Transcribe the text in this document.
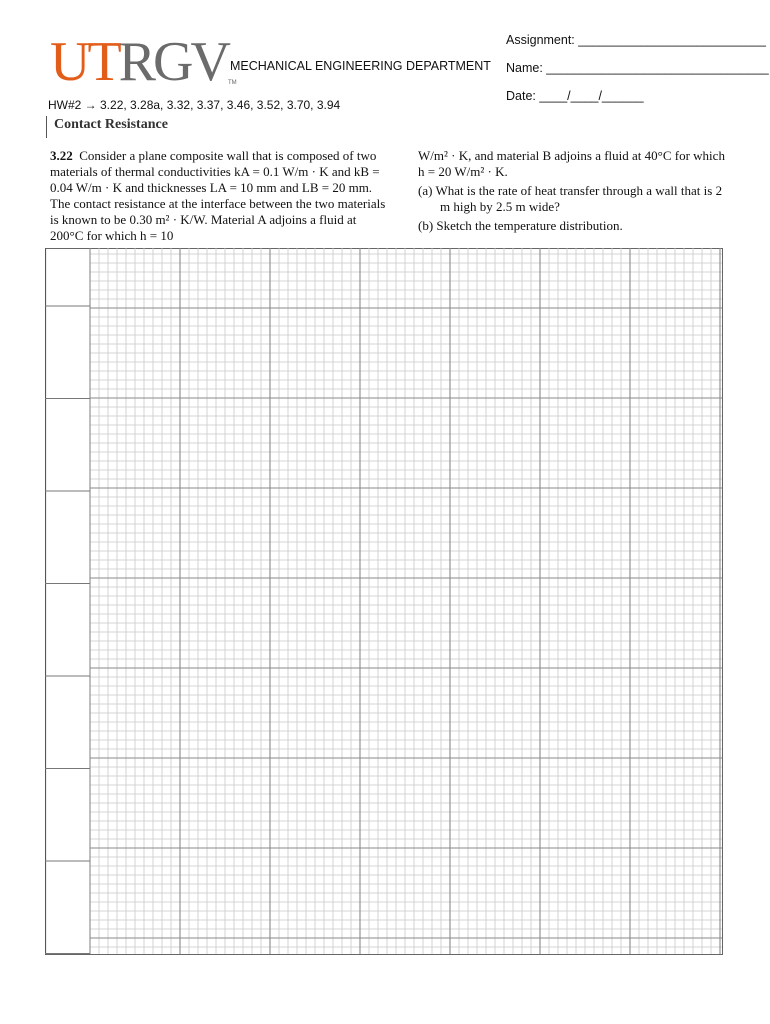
UTRGV TM
MECHANICAL ENGINEERING DEPARTMENT
Assignment: ___________________________
Name: ________________________________
Date: ____/____/______
HW#2 → 3.22, 3.28a, 3.32, 3.37, 3.46, 3.52, 3.70, 3.94
Contact Resistance

3.22 Consider a plane composite wall that is composed of two materials of thermal conductivities kA = 0.1 W/m · K and kB = 0.04 W/m · K and thicknesses LA = 10 mm and LB = 20 mm. The contact resistance at the interface between the two materials is known to be 0.30 m² · K/W. Material A adjoins a fluid at 200°C for which h = 10

W/m² · K, and material B adjoins a fluid at 40°C for which h = 20 W/m² · K.

(a) What is the rate of heat transfer through a wall that is 2 m high by 2.5 m wide?

(b) Sketch the temperature distribution.
